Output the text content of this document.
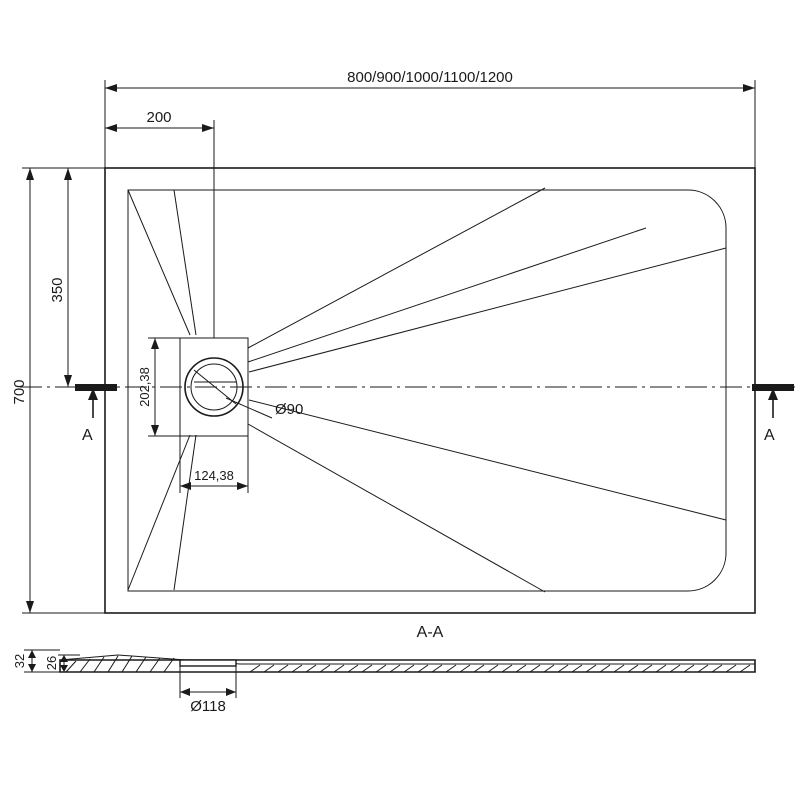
Ø90
A	A
800/900/1000/1100/1200
200
350
700	202,38
124,38
A-A
32 26
Ø118
